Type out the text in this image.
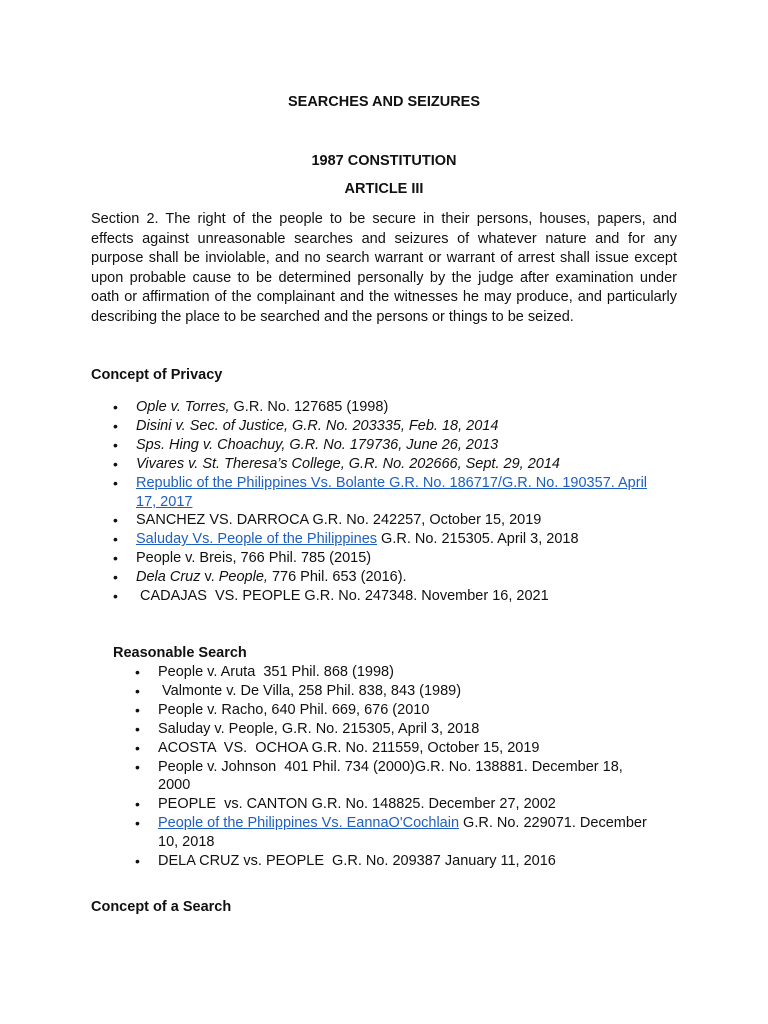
SEARCHES AND SEIZURES
1987 CONSTITUTION
ARTICLE III
Section 2. The right of the people to be secure in their persons, houses, papers, and effects against unreasonable searches and seizures of whatever nature and for any purpose shall be inviolable, and no search warrant or warrant of arrest shall issue except upon probable cause to be determined personally by the judge after examination under oath or affirmation of the complainant and the witnesses he may produce, and particularly describing the place to be searched and the persons or things to be seized.
Concept of Privacy
• Ople v. Torres, G.R. No. 127685 (1998)
• Disini v. Sec. of Justice, G.R. No. 203335, Feb. 18, 2014
• Sps. Hing v. Choachuy, G.R. No. 179736, June 26, 2013
• Vivares v. St. Theresa’s College, G.R. No. 202666, Sept. 29, 2014
• Republic of the Philippines Vs. Bolante G.R. No. 186717/G.R. No. 190357. April
17, 2017
• SANCHEZ VS. DARROCA G.R. No. 242257, October 15, 2019
• Saluday Vs. People of the Philippines G.R. No. 215305. April 3, 2018
• People v. Breis, 766 Phil. 785 (2015)
• Dela Cruz v. People, 776 Phil. 653 (2016).
•  CADAJAS  VS. PEOPLE G.R. No. 247348. November 16, 2021
Reasonable Search
• People v. Aruta  351 Phil. 868 (1998)
•  Valmonte v. De Villa, 258 Phil. 838, 843 (1989)
• People v. Racho, 640 Phil. 669, 676 (2010
• Saluday v. People, G.R. No. 215305, April 3, 2018
• ACOSTA  VS.  OCHOA G.R. No. 211559, October 15, 2019
• People v. Johnson  401 Phil. 734 (2000)G.R. No. 138881. December 18,
2000
• PEOPLE  vs. CANTON G.R. No. 148825. December 27, 2002
• People of the Philippines Vs. EannaO'Cochlain G.R. No. 229071. December
10, 2018
• DELA CRUZ vs. PEOPLE  G.R. No. 209387 January 11, 2016
Concept of a Search
